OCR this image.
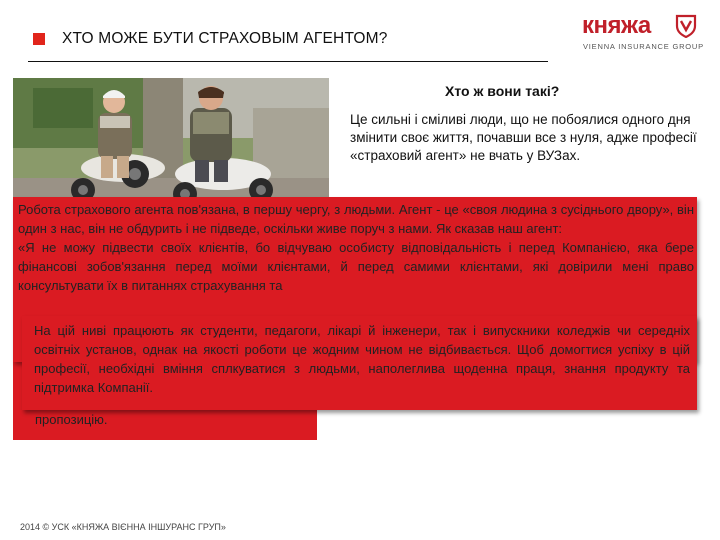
ХТО МОЖЕ БУТИ СТРАХОВЫМ АГЕНТОМ?	княжа
VIENNA INSURANCE GROUP
Хто ж вони такі?
Це сильні і сміливі люди, що не побоялися одного дня змінити своє життя, почавши все з нуля, адже професії «страховий агент» не вчать у ВУЗах.
пропозицію.
Робота страхового агента пов'язана, в першу чергу, з людьми. Агент - це «своя людина з сусіднього двору», він один з нас, він не обдурить і не підведе, оскільки живе поруч з нами. Як сказав наш агент:
«Я не можу підвести своїх клієнтів, бо відчуваю особисту відповідальність і перед Компанією, яка бере фінансові зобов'язання перед моїми клієнтами, й перед самими клієнтами, які довірили мені право консультувати їх в питаннях страхування та
На цій ниві працюють як студенти, педагоги, лікарі й інженери, так і випускники коледжів чи середніх освітніх установ, однак на якості роботи це жодним чином не відбивається. Щоб домогтися успіху в цій професії, необхідні вміння сплкуватися з людьми, наполеглива щоденна праця, знання продукту та підтримка Компанії.
2014 © УСК «КНЯЖА ВІЄННА ІНШУРАНС ГРУП»
